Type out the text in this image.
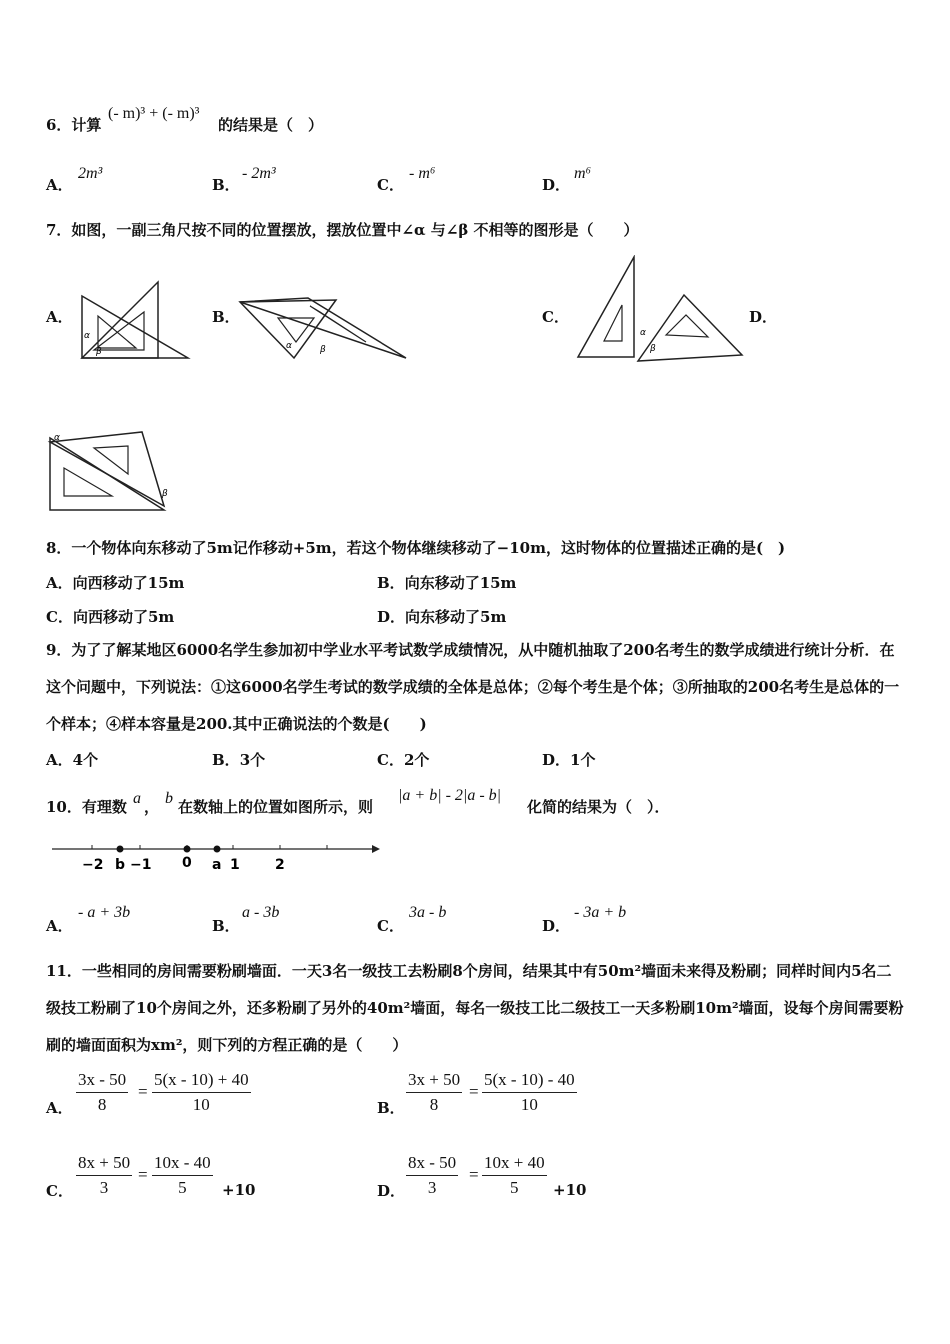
6．计算
(- m)³ + (- m)³
的结果是（　）
A．
2m³
B．
- 2m³
C．
- m⁶
D．
m⁶
7．如图，一副三角尺按不同的位置摆放，摆放位置中∠α 与∠β 不相等的图形是（　　）
A．
α
β
B．
α	β
C．
α
β
D．
α
β
8．一个物体向东移动了5m记作移动+5m，若这个物体继续移动了−10m，这时物体的位置描述正确的是(　)
A．向西移动了15m	B．向东移动了15m
C．向西移动了5m	D．向东移动了5m
9．为了了解某地区6000名学生参加初中学业水平考试数学成绩情况，从中随机抽取了200名考生的数学成绩进行统计分析．在这个问题中，下列说法：①这6000名学生考试的数学成绩的全体是总体；②每个考生是个体；③所抽取的200名考生是总体的一个样本；④样本容量是200.其中正确说法的个数是(　　)
A．4个	B．3个	C．2个	D．1个
10．有理数 a ， b 在数轴上的位置如图所示，则
|a + b| - 2|a - b|
化简的结果为（　）．
−2 b −1 0 a 1	2
A．
- a + 3b
B．
a - 3b
C．
3a - b
D．
- 3a + b
11．一些相同的房间需要粉刷墙面．一天3名一级技工去粉刷8个房间，结果其中有50m²墙面未来得及粉刷；同样时间内5名二级技工粉刷了10个房间之外，还多粉刷了另外的40m²墙面，每名一级技工比二级技工一天多粉刷10m²墙面，设每个房间需要粉刷的墙面面积为xm²，则下列的方程正确的是（　　）
A． $\frac{3x - 50}{8} = \frac{5(x - 10) + 40}{10}$	B． $\frac{3x + 50}{8} = \frac{5(x - 10) - 40}{10}$
C． $\frac{8x + 50}{3} = \frac{10x - 40}{5} +10$	D． $\frac{8x - 50}{3} = \frac{10x + 40}{5} +10$
